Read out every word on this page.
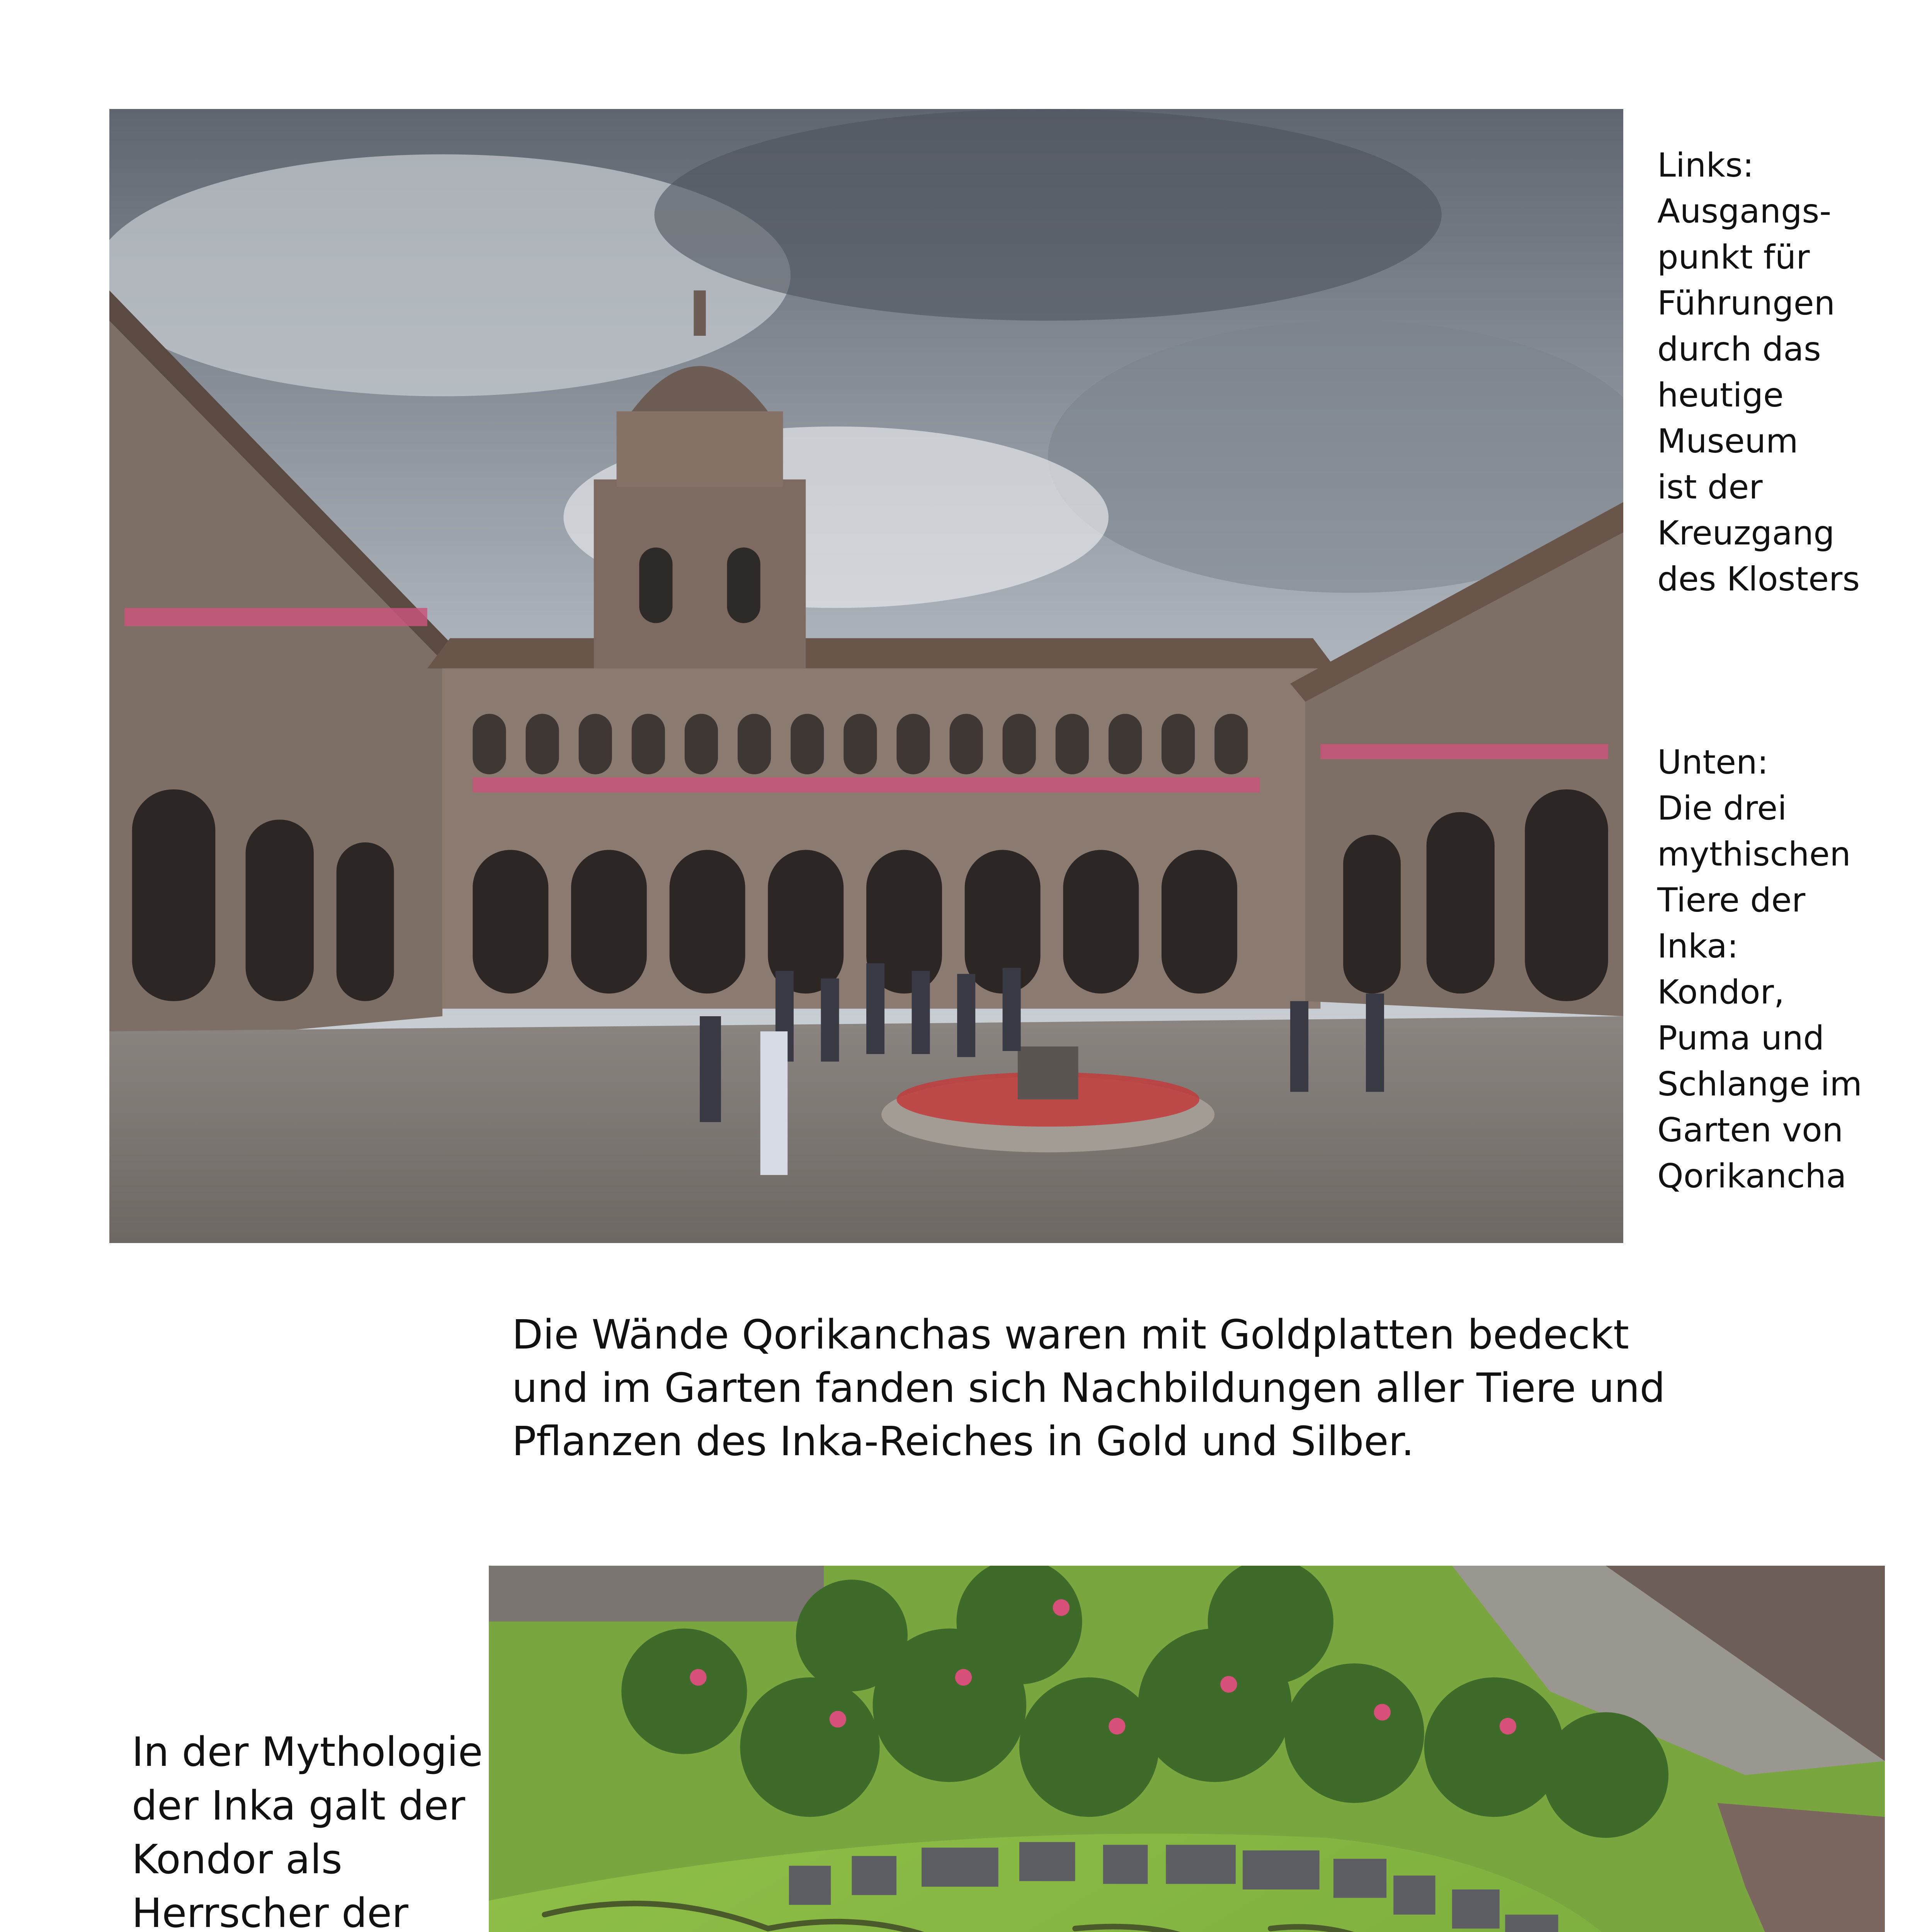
Links:
Ausgangs-
punkt für
Führungen
durch das
heutige
Museum
ist der
Kreuzgang
des Klosters
Unten:
Die drei
mythischen
Tiere der
Inka:
Kondor,
Puma und
Schlange im
Garten von
Qorikancha
Die Wände Qorikanchas waren mit Goldplatten bedeckt
und im Garten fanden sich Nachbildungen aller Tiere und
Pflanzen des Inka-Reiches in Gold und Silber.
In der Mythologie
der Inka galt der
Kondor als
Herrscher der
